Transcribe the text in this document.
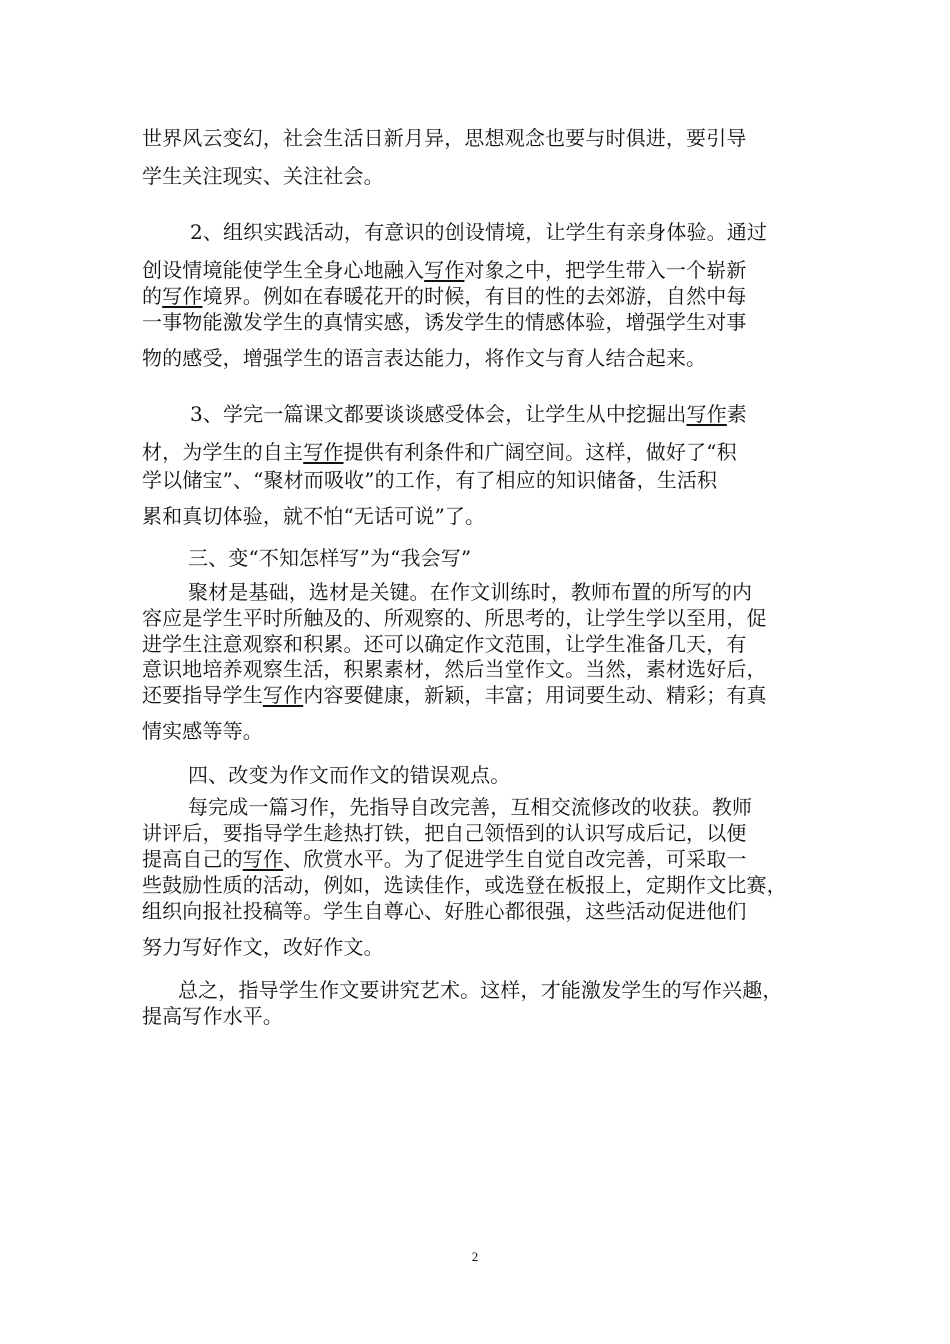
世界风云变幻，社会生活日新月异，思想观念也要与时俱进，要引导
学生关注现实、关注社会。
2、组织实践活动，有意识的创设情境，让学生有亲身体验。通过
创设情境能使学生全身心地融入写作对象之中，把学生带入一个崭新
的写作境界。例如在春暖花开的时候，有目的性的去郊游，自然中每
一事物能激发学生的真情实感，诱发学生的情感体验，增强学生对事
物的感受，增强学生的语言表达能力，将作文与育人结合起来。
3、学完一篇课文都要谈谈感受体会，让学生从中挖掘出写作素
材，为学生的自主写作提供有利条件和广阔空间。这样，做好了“积
学以储宝”、“聚材而吸收”的工作，有了相应的知识储备，生活积
累和真切体验，就不怕“无话可说”了。
三、变“不知怎样写”为“我会写”
聚材是基础，选材是关键。在作文训练时，教师布置的所写的内
容应是学生平时所触及的、所观察的、所思考的，让学生学以至用，促
进学生注意观察和积累。还可以确定作文范围，让学生准备几天，有
意识地培养观察生活，积累素材，然后当堂作文。当然，素材选好后，
还要指导学生写作内容要健康，新颖，丰富；用词要生动、精彩；有真
情实感等等。
四、改变为作文而作文的错误观点。
每完成一篇习作，先指导自改完善，互相交流修改的收获。教师
讲评后，要指导学生趁热打铁，把自己领悟到的认识写成后记，以便
提高自己的写作、欣赏水平。为了促进学生自觉自改完善，可采取一
些鼓励性质的活动，例如，选读佳作，或选登在板报上，定期作文比赛，
组织向报社投稿等。学生自尊心、好胜心都很强，这些活动促进他们
努力写好作文，改好作文。
总之，指导学生作文要讲究艺术。这样，才能激发学生的写作兴趣，
提高写作水平。
2
